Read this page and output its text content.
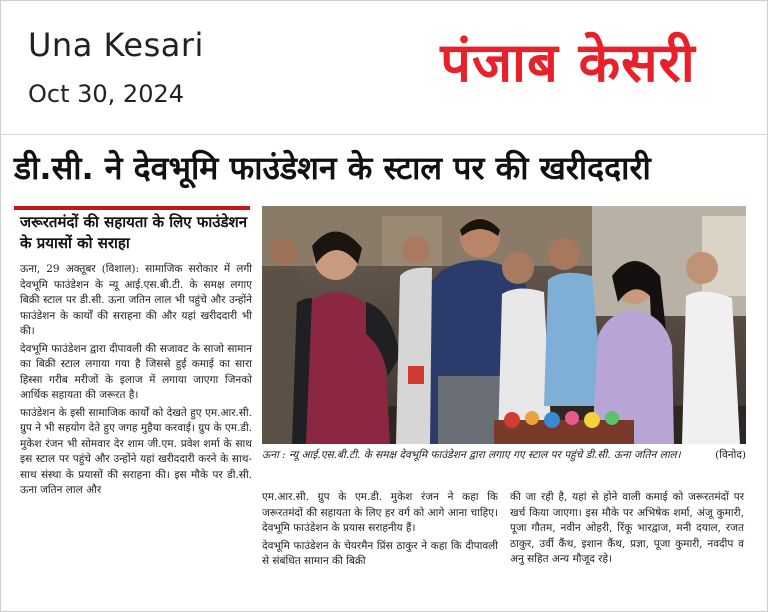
Una Kesari
Oct 30, 2024	पंजाब केसरी
डी.सी. ने देवभूमि फाउंडेशन के स्टाल पर की खरीददारी
जरूरतमंदों की सहायता के लिए फाउंडेशन के प्रयासों को सराहा

ऊना, 29 अक्तूबर (विशाल): सामाजिक सरोकार में लगी देवभूमि फाउंडेशन के न्यू आई.एस.बी.टी. के समक्ष लगाए बिक्री स्टाल पर डी.सी. ऊना जतिन लाल भी पहुंचे और उन्होंने फाउंडेशन के कार्यों की सराहना की और यहां खरीददारी भी की।

देवभूमि फाउंडेशन द्वारा दीपावली की सजावट के साजो सामान का बिक्री स्टाल लगाया गया है जिससे हुई कमाई का सारा हिस्सा गरीब मरीजों के इलाज में लगाया जाएगा जिनको आर्थिक सहायता की जरूरत है।

फाउंडेशन के इसी सामाजिक कार्यों को देखते हुए एम.आर.सी. ग्रुप ने भी सहयोग देते हुए जगह मुहैया करवाई। ग्रुप के एम.डी. मुकेश रंजन भी सोमवार देर शाम जी.एम. प्रवेश शर्मा के साथ इस स्टाल पर पहुंचे और उन्होंने यहां खरीददारी करने के साथ-साथ संस्था के प्रयासों की सराहना की। इस मौके पर डी.सी. ऊना जतिन लाल और

ऊना : न्यू आई.एस.बी.टी. के समक्ष देवभूमि फाउंडेशन द्वारा लगाए गए स्टाल पर पहुंचे डी.सी. ऊना जतिन लाल।	(विनोद)

एम.आर.सी. ग्रुप के एम.डी. मुकेश रंजन ने कहा कि जरूरतमंदों की सहायता के लिए हर वर्ग को आगे आना चाहिए। देवभूमि फाउंडेशन के प्रयास सराहनीय हैं।

देवभूमि फाउंडेशन के चेयरमैन प्रिंस ठाकुर ने कहा कि दीपावली से संबंधित सामान की बिक्री

की जा रही है, यहां से होने वाली कमाई को जरूरतमंदों पर खर्च किया जाएगा। इस मौके पर अभिषेक शर्मा, अंजू कुमारी, पूजा गौतम, नवीन ओहरी, रिंकू भारद्वाज, मनी दयाल, रजत ठाकुर, उर्वी कैंथ, इशान कैंथ, प्रज्ञा, पूजा कुमारी, नवदीप व अनु सहित अन्य मौजूद रहे।
